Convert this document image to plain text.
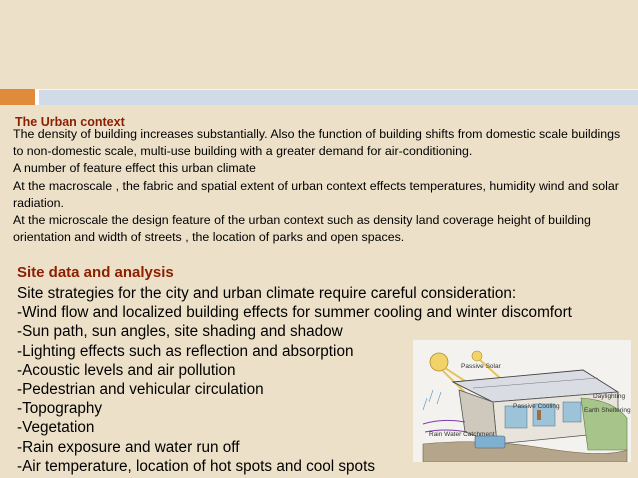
The Urban context

The density of building increases substantially. Also the function of building shifts from domestic scale buildings to non-domestic scale, multi-use building with a greater demand for air-conditioning.

A number of feature effect this urban climate

At the macroscale , the fabric and spatial extent of urban context effects temperatures, humidity wind and solar radiation.

At the microscale the design feature of the urban context such as density land coverage height of building orientation and width of streets , the location of parks and open spaces.

Site data and analysis
Site strategies for the city and urban climate require careful consideration:
-Wind flow and localized building effects for summer cooling and winter discomfort
-Sun path, sun angles, site shading and shadow
-Lighting effects such as reflection and absorption
-Acoustic levels and air pollution
-Pedestrian and vehicular circulation
-Topography
-Vegetation
-Rain exposure and water run off
-Air temperature, location of hot spots and cool spots
Passive Solar
Daylighting
Passive Cooling
Earth Sheltering
Rain Water Catchment
